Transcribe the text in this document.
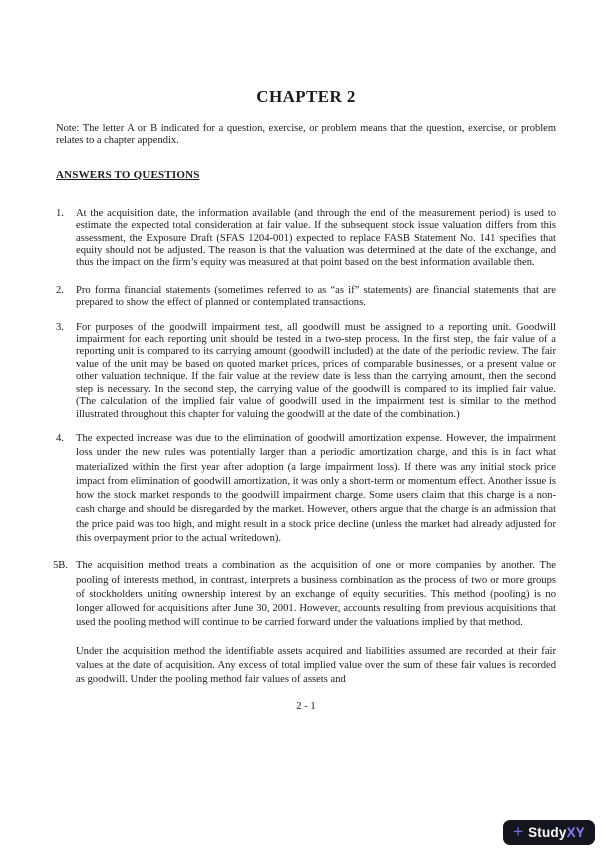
CHAPTER 2

Note: The letter A or B indicated for a question, exercise, or problem means that the question, exercise, or problem relates to a chapter appendix.

ANSWERS TO QUESTIONS
1.	At the acquisition date, the information available (and through the end of the measurement period) is used to estimate the expected total consideration at fair value. If the subsequent stock issue valuation differs from this assessment, the Exposure Draft (SFAS 1204-001) expected to replace FASB Statement No. 141 specifies that equity should not be adjusted. The reason is that the valuation was determined at the date of the exchange, and thus the impact on the firm’s equity was measured at that point based on the best information available then.

2.	Pro forma financial statements (sometimes referred to as “as if” statements) are financial statements that are prepared to show the effect of planned or contemplated transactions.

3.	For purposes of the goodwill impairment test, all goodwill must be assigned to a reporting unit. Goodwill impairment for each reporting unit should be tested in a two-step process. In the first step, the fair value of a reporting unit is compared to its carrying amount (goodwill included) at the date of the periodic review. The fair value of the unit may be based on quoted market prices, prices of comparable businesses, or a present value or other valuation technique. If the fair value at the review date is less than the carrying amount, then the second step is necessary. In the second step, the carrying value of the goodwill is compared to its implied fair value. (The calculation of the implied fair value of goodwill used in the impairment test is similar to the method illustrated throughout this chapter for valuing the goodwill at the date of the combination.)

4.	The expected increase was due to the elimination of goodwill amortization expense. However, the impairment loss under the new rules was potentially larger than a periodic amortization charge, and this is in fact what materialized within the first year after adoption (a large impairment loss). If there was any initial stock price impact from elimination of goodwill amortization, it was only a short-term or momentum effect. Another issue is how the stock market responds to the goodwill impairment charge. Some users claim that this charge is a non-cash charge and should be disregarded by the market. However, others argue that the charge is an admission that the price paid was too high, and might result in a stock price decline (unless the market had already adjusted for this overpayment prior to the actual writedown).

5B. The acquisition method treats a combination as the acquisition of one or more companies by another. The pooling of interests method, in contrast, interprets a business combination as the process of two or more groups of stockholders uniting ownership interest by an exchange of equity securities. This method (pooling) is no longer allowed for acquisitions after June 30, 2001. However, accounts resulting from previous acquisitions that used the pooling method will continue to be carried forward under the valuations implied by that method.

Under the acquisition method the identifiable assets acquired and liabilities assumed are recorded at their fair values at the date of acquisition. Any excess of total implied value over the sum of these fair values is recorded as goodwill. Under the pooling method fair values of assets and

2 - 1
+ StudyXY
